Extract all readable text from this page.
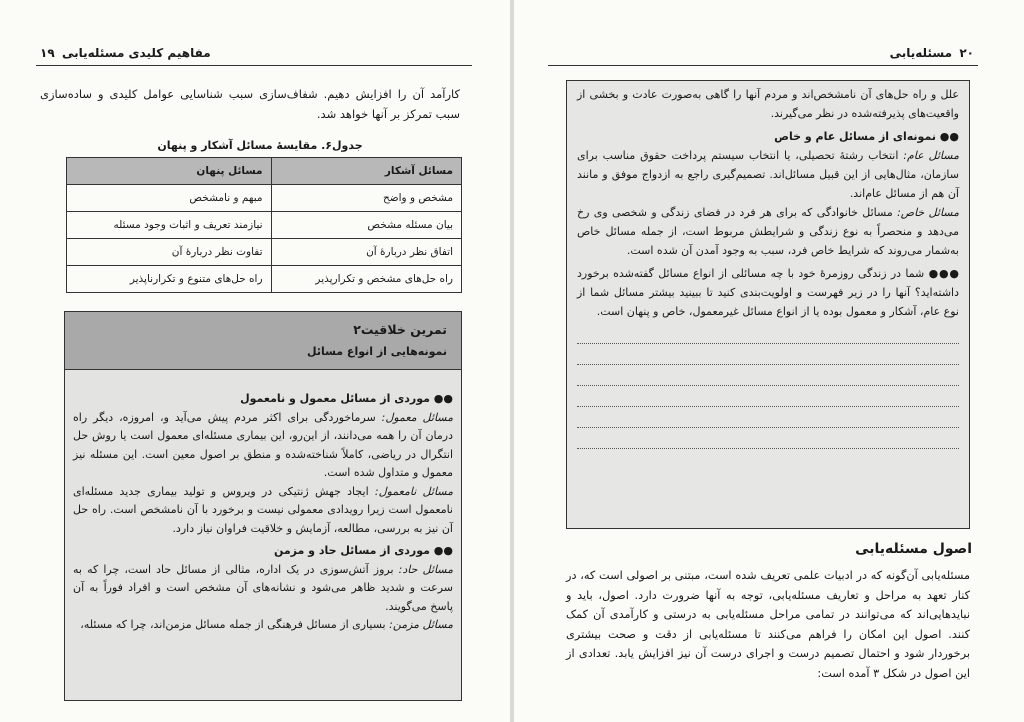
۱۹ مفاهیم کلیدی مسئله‌یابی
کارآمد آن را افزایش دهیم. شفاف‌سازی سبب شناسایی عوامل کلیدی و ساده‌سازی سبب تمرکز بر آنها خواهد شد.
جدول۶. مقایسهٔ مسائل آشکار و پنهان
مسائل آشکار	مسائل پنهان
مشخص و واضح	مبهم و نامشخص
بیان مسئله مشخص	نیازمند تعریف و اثبات وجود مسئله
اتفاق نظر دربارهٔ آن	تفاوت نظر دربارهٔ آن
راه حل‌های مشخص و تکرارپذیر	راه حل‌های متنوع و تکرارناپذیر
تمرین خلاقیت۲
نمونه‌هایی از انواع مسائل
●● موردی از مسائل معمول و نامعمول
مسائل معمول: سرماخوردگی برای اکثر مردم پیش می‌آید و، امروزه، دیگر راه درمان آن را همه می‌دانند، از این‌رو، این بیماری مسئله‌ای معمول است یا روش حل انتگرال در ریاضی، کاملاً شناخته‌شده و منطق بر اصول معین است. این مسئله نیز معمول و متداول شده است.
مسائل نامعمول: ایجاد جهش ژنتیکی در ویروس و تولید بیماری جدید مسئله‌ای نامعمول است زیرا رویدادی معمولی نیست و برخورد با آن نامشخص است. راه حل آن نیز به بررسی، مطالعه، آزمایش و خلاقیت فراوان نیاز دارد.
●● موردی از مسائل حاد و مزمن
مسائل حاد: بروز آتش‌سوزی در یک اداره، مثالی از مسائل حاد است، چرا که به سرعت و شدید ظاهر می‌شود و نشانه‌های آن مشخص است و افراد فوراً به آن پاسخ می‌گویند.
مسائل مزمن: بسیاری از مسائل فرهنگی از جمله مسائل مزمن‌اند، چرا که مسئله،
۲۰
مسئله‌یابی
علل و راه حل‌های آن نامشخص‌اند و مردم آنها را گاهی به‌صورت عادت و بخشی از واقعیت‌های پذیرفته‌شده در نظر می‌گیرند.
●● نمونه‌ای از مسائل عام و خاص
مسائل عام: انتخاب رشتهٔ تحصیلی، یا انتخاب سیستم پرداخت حقوق مناسب برای سازمان، مثال‌هایی از این قبیل مسائل‌اند. تصمیم‌گیری راجع به ازدواج موفق و مانند آن هم از مسائل عام‌اند.
مسائل خاص: مسائل خانوادگی که برای هر فرد در فضای زندگی و شخصی وی رخ می‌دهد و منحصراً به نوع زندگی و شرایطش مربوط است، از جمله مسائل خاص به‌شمار می‌روند که شرایط خاص فرد، سبب به وجود آمدن آن شده است.
●●● شما در زندگی روزمرهٔ خود با چه مسائلی از انواع مسائل گفته‌شده برخورد داشته‌اید؟ آنها را در زیر فهرست و اولویت‌بندی کنید تا ببینید بیشتر مسائل شما از نوع عام، آشکار و معمول بوده یا از انواع مسائل غیرمعمول، خاص و پنهان است.
اصول مسئله‌یابی
مسئله‌یابی آن‌گونه که در ادبیات علمی تعریف شده است، مبتنی بر اصولی است که، در کنار تعهد به مراحل و تعاریف مسئله‌یابی، توجه به آنها ضرورت دارد. اصول، باید و نبایدهایی‌اند که می‌توانند در تمامی مراحل مسئله‌یابی به درستی و کارآمدی آن کمک کنند. اصول این امکان را فراهم می‌کنند تا مسئله‌یابی از دقت و صحت بیشتری برخوردار شود و احتمال تصمیم درست و اجرای درست آن نیز افزایش یابد. تعدادی از این اصول در شکل ۳ آمده است:
